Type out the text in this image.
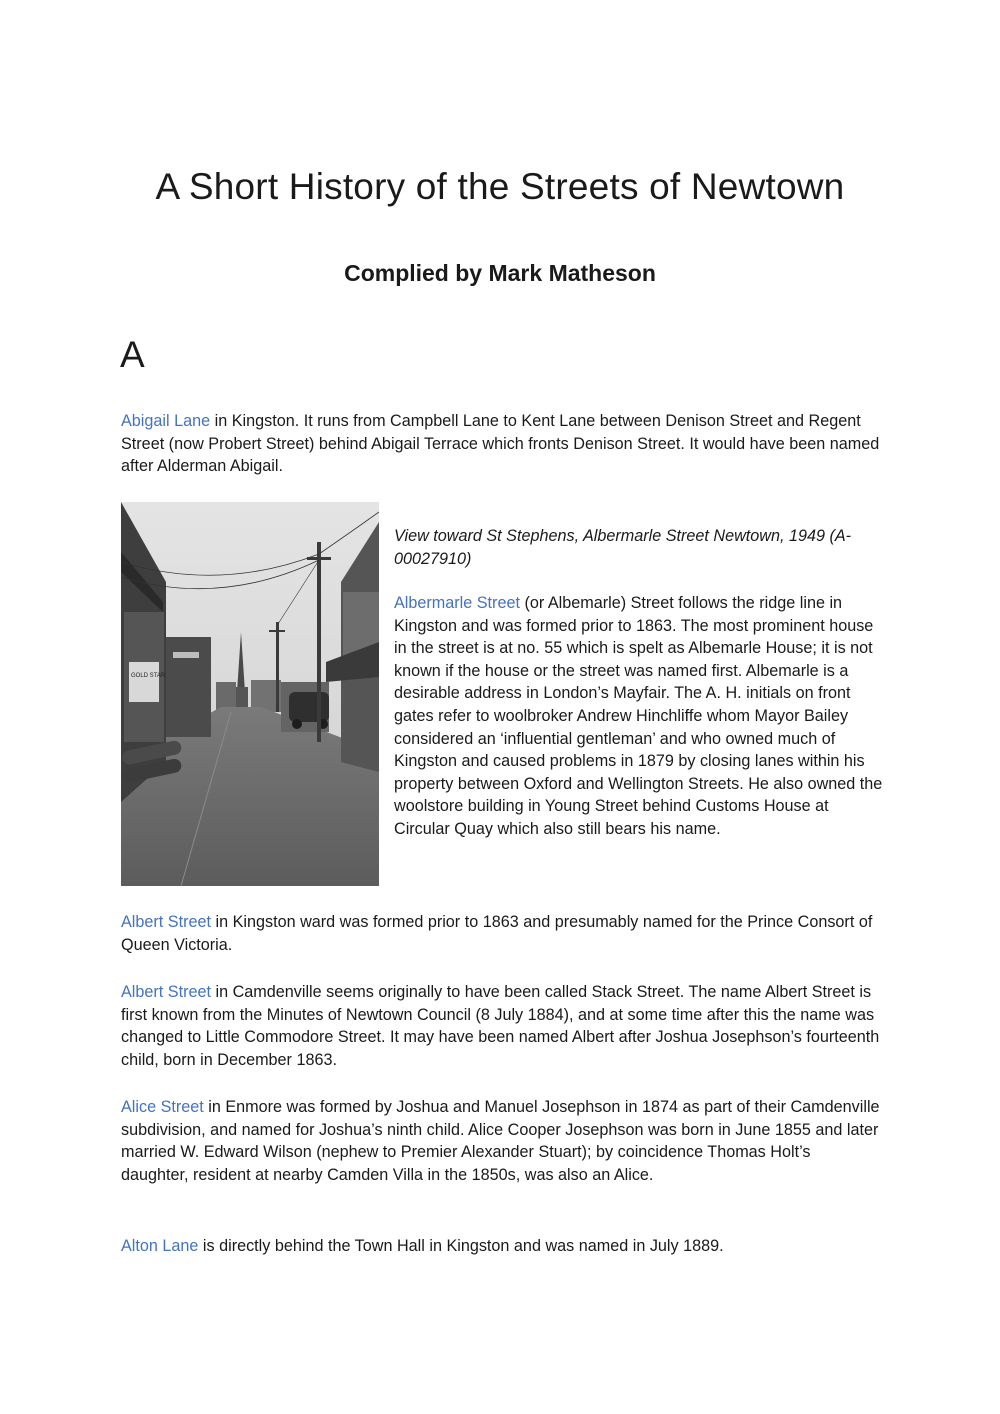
A Short History of the Streets of Newtown
Complied by Mark Matheson
A

Abigail Lane in Kingston. It runs from Campbell Lane to Kent Lane between Denison Street and Regent Street (now Probert Street) behind Abigail Terrace which fronts Denison Street. It would have been named after Alderman Abigail.

GOLD STAR

View toward St Stephens, Albermarle Street Newtown, 1949 (A-00027910)

Albermarle Street (or Albemarle) Street follows the ridge line in Kingston and was formed prior to 1863. The most prominent house in the street is at no. 55 which is spelt as Albemarle House; it is not known if the house or the street was named first. Albemarle is a desirable address in London’s Mayfair. The A. H. initials on front gates refer to woolbroker Andrew Hinchliffe whom Mayor Bailey considered an ‘influential gentleman’ and who owned much of Kingston and caused problems in 1879 by closing lanes within his property between Oxford and Wellington Streets. He also owned the woolstore building in Young Street behind Customs House at Circular Quay which also still bears his name.

Albert Street in Kingston ward was formed prior to 1863 and presumably named for the Prince Consort of Queen Victoria.

Albert Street in Camdenville seems originally to have been called Stack Street. The name Albert Street is first known from the Minutes of Newtown Council (8 July 1884), and at some time after this the name was changed to Little Commodore Street. It may have been named Albert after Joshua Josephson’s fourteenth child, born in December 1863.

Alice Street in Enmore was formed by Joshua and Manuel Josephson in 1874 as part of their Camdenville subdivision, and named for Joshua’s ninth child. Alice Cooper Josephson was born in June 1855 and later married W. Edward Wilson (nephew to Premier Alexander Stuart); by coincidence Thomas Holt’s daughter, resident at nearby Camden Villa in the 1850s, was also an Alice.

Alton Lane is directly behind the Town Hall in Kingston and was named in July 1889.
